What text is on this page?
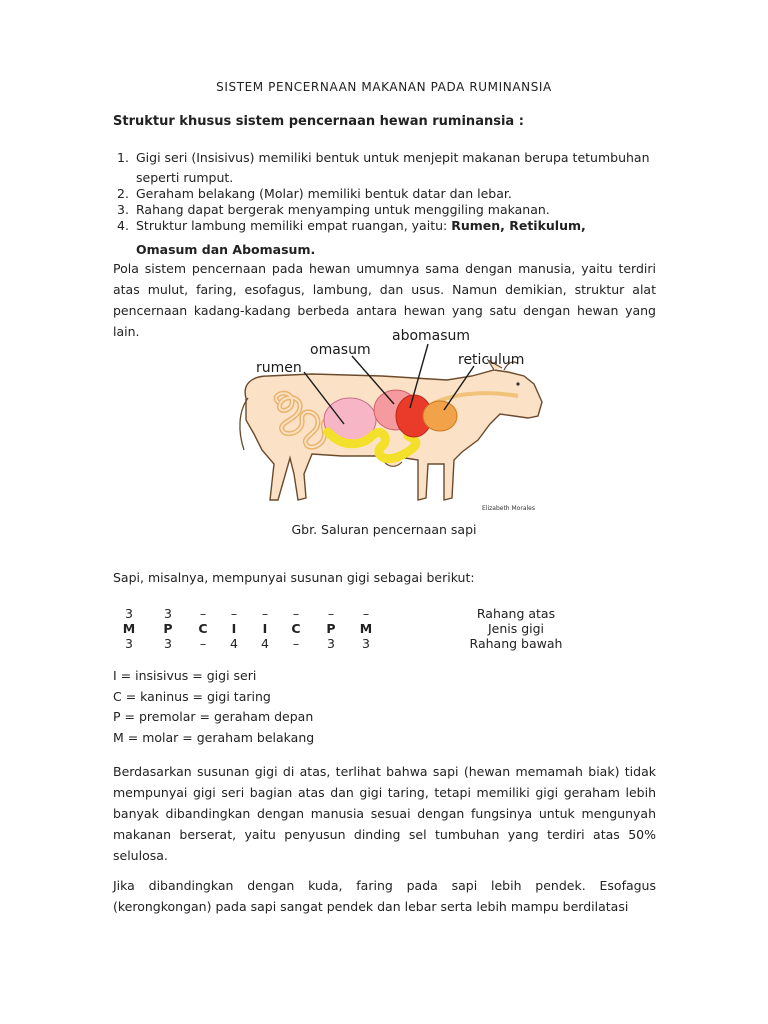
SISTEM PENCERNAAN MAKANAN PADA RUMINANSIA
Struktur khusus sistem pencernaan hewan ruminansia :
1. Gigi seri (Insisivus) memiliki bentuk untuk menjepit makanan berupa tetumbuhan
seperti rumput.
2. Geraham belakang (Molar) memiliki bentuk datar dan lebar.
3. Rahang dapat bergerak menyamping untuk menggiling makanan.
4. Struktur lambung memiliki empat ruangan, yaitu: Rumen, Retikulum,
Omasum dan Abomasum.
Pola sistem pencernaan pada hewan umumnya sama dengan manusia, yaitu terdiri atas mulut, faring, esofagus, lambung, dan usus. Namun demikian, struktur alat pencernaan kadang-kadang berbeda antara hewan yang satu dengan hewan yang lain.
rumen
omasum
abomasum
reticulum
Elizabeth Morales
Gbr. Saluran pencernaan sapi
Sapi, misalnya, mempunyai susunan gigi sebagai berikut:
3	3	–	–	–	–	–	–	Rahang atas
M	P	C	I	I	C	P	M	Jenis gigi
3	3	–	4	4	–	3	3	Rahang bawah
I = insisivus = gigi seri
C = kaninus = gigi taring
P = premolar = geraham depan
M = molar = geraham belakang
Berdasarkan susunan gigi di atas, terlihat bahwa sapi (hewan memamah biak) tidak mempunyai gigi seri bagian atas dan gigi taring, tetapi memiliki gigi geraham lebih banyak dibandingkan dengan manusia sesuai dengan fungsinya untuk mengunyah makanan berserat, yaitu penyusun dinding sel tumbuhan yang terdiri atas 50% selulosa.
Jika dibandingkan dengan kuda, faring pada sapi lebih pendek. Esofagus (kerongkongan) pada sapi sangat pendek dan lebar serta lebih mampu berdilatasi
